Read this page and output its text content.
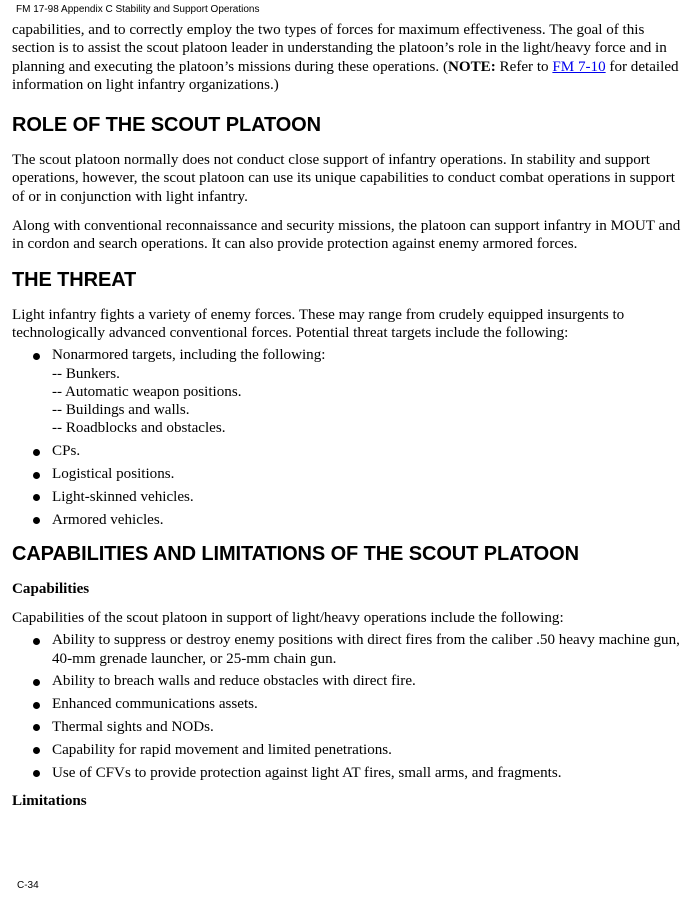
FM 17-98 Appendix C Stability and Support Operations

capabilities, and to correctly employ the two types of forces for maximum effectiveness. The goal of this section is to assist the scout platoon leader in understanding the platoon’s role in the light/heavy force and in planning and executing the platoon’s missions during these operations. (NOTE: Refer to FM 7-10 for detailed information on light infantry organizations.)

ROLE OF THE SCOUT PLATOON

The scout platoon normally does not conduct close support of infantry operations. In stability and support operations, however, the scout platoon can use its unique capabilities to conduct combat operations in support of or in conjunction with light infantry.

Along with conventional reconnaissance and security missions, the platoon can support infantry in MOUT and in cordon and search operations. It can also provide protection against enemy armored forces.

THE THREAT

Light infantry fights a variety of enemy forces. These may range from crudely equipped insurgents to technologically advanced conventional forces. Potential threat targets include the following:

Nonarmored targets, including the following:
-- Bunkers.
-- Automatic weapon positions.
-- Buildings and walls.
-- Roadblocks and obstacles.
CPs.
Logistical positions.
Light-skinned vehicles.
Armored vehicles.
CAPABILITIES AND LIMITATIONS OF THE SCOUT PLATOON
Capabilities

Capabilities of the scout platoon in support of light/heavy operations include the following:

Ability to suppress or destroy enemy positions with direct fires from the caliber .50 heavy machine gun, 40-mm grenade launcher, or 25-mm chain gun.
Ability to breach walls and reduce obstacles with direct fire.
Enhanced communications assets.
Thermal sights and NODs.
Capability for rapid movement and limited penetrations.
Use of CFVs to provide protection against light AT fires, small arms, and fragments.
Limitations
C-34
